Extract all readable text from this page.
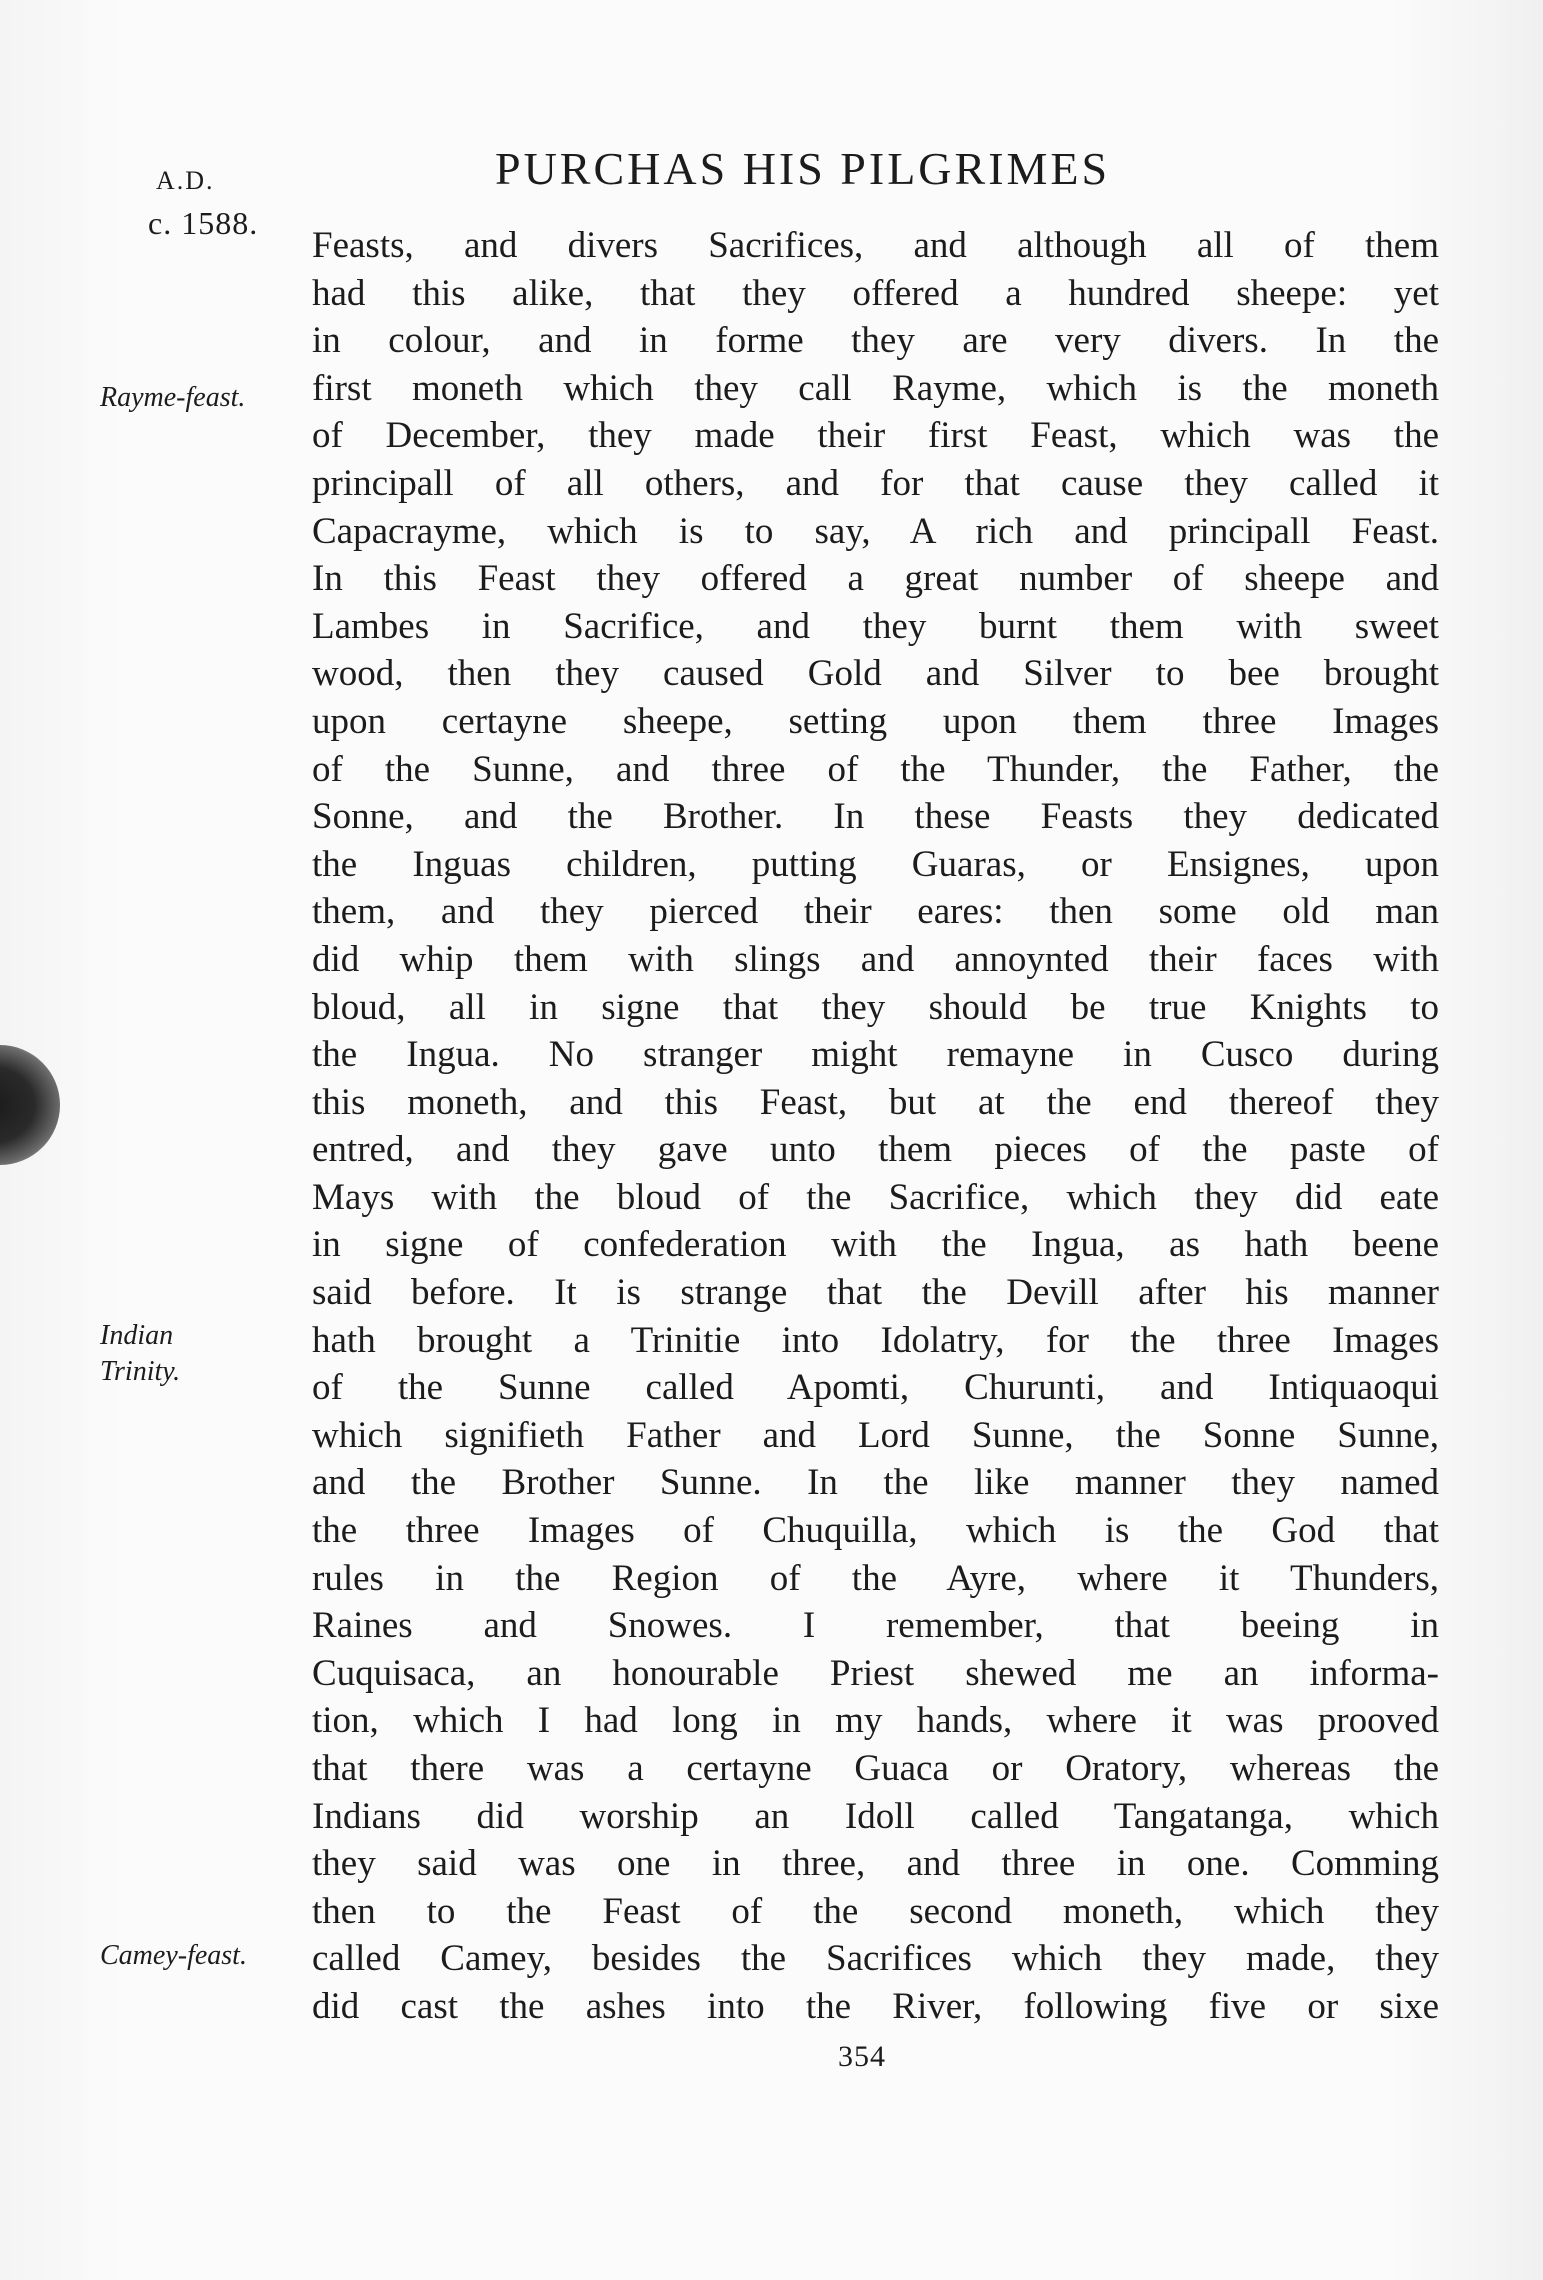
A.D.
c. 1588.
PURCHAS HIS PILGRIMES
Rayme-feast.
Indian
Trinity.
Camey-feast.
Feasts, and divers Sacrifices, and although all of them
had this alike, that they offered a hundred sheepe: yet
in colour, and in forme they are very divers. In the
first moneth which they call Rayme, which is the moneth
of December, they made their first Feast, which was the
principall of all others, and for that cause they called it
Capacrayme, which is to say, A rich and principall Feast.
In this Feast they offered a great number of sheepe and
Lambes in Sacrifice, and they burnt them with sweet
wood, then they caused Gold and Silver to bee brought
upon certayne sheepe, setting upon them three Images
of the Sunne, and three of the Thunder, the Father, the
Sonne, and the Brother. In these Feasts they dedicated
the Inguas children, putting Guaras, or Ensignes, upon
them, and they pierced their eares: then some old man
did whip them with slings and annoynted their faces with
bloud, all in signe that they should be true Knights to
the Ingua. No stranger might remayne in Cusco during
this moneth, and this Feast, but at the end thereof they
entred, and they gave unto them pieces of the paste of
Mays with the bloud of the Sacrifice, which they did eate
in signe of confederation with the Ingua, as hath beene
said before. It is strange that the Devill after his manner
hath brought a Trinitie into Idolatry, for the three Images
of the Sunne called Apomti, Churunti, and Intiquaoqui
which signifieth Father and Lord Sunne, the Sonne Sunne,
and the Brother Sunne. In the like manner they named
the three Images of Chuquilla, which is the God that
rules in the Region of the Ayre, where it Thunders,
Raines and Snowes. I remember, that beeing in
Cuquisaca, an honourable Priest shewed me an informa-
tion, which I had long in my hands, where it was prooved
that there was a certayne Guaca or Oratory, whereas the
Indians did worship an Idoll called Tangatanga, which
they said was one in three, and three in one. Comming
then to the Feast of the second moneth, which they
called Camey, besides the Sacrifices which they made, they
did cast the ashes into the River, following five or sixe
354
